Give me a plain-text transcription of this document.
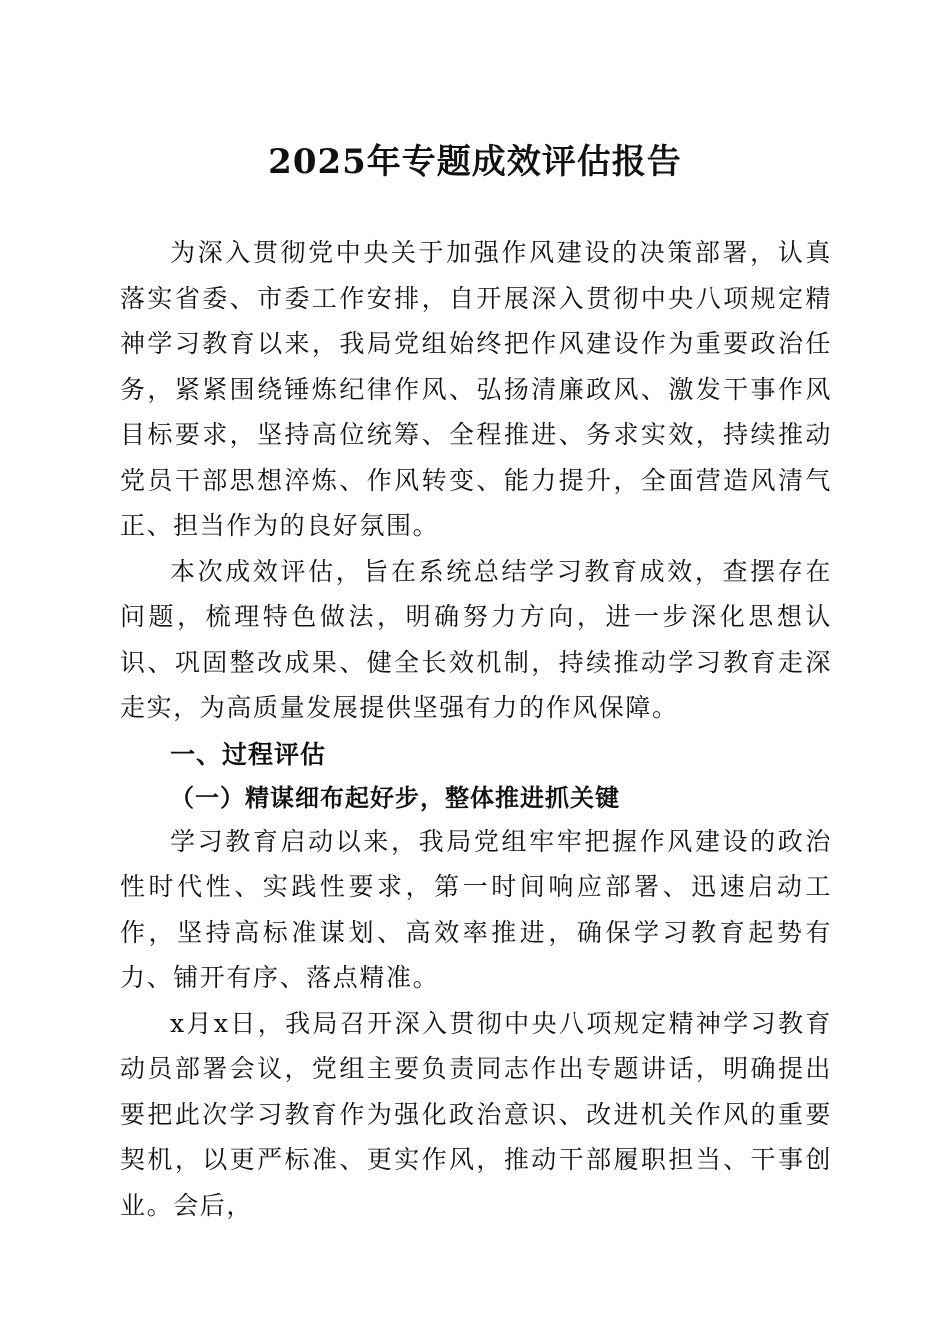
2025年专题成效评估报告

为深入贯彻党中央关于加强作风建设的决策部署，认真落实省委、市委工作安排，自开展深入贯彻中央八项规定精神学习教育以来，我局党组始终把作风建设作为重要政治任务，紧紧围绕锤炼纪律作风、弘扬清廉政风、激发干事作风目标要求，坚持高位统筹、全程推进、务求实效，持续推动党员干部思想淬炼、作风转变、能力提升，全面营造风清气正、担当作为的良好氛围。

本次成效评估，旨在系统总结学习教育成效，查摆存在问题，梳理特色做法，明确努力方向，进一步深化思想认识、巩固整改成果、健全长效机制，持续推动学习教育走深走实，为高质量发展提供坚强有力的作风保障。

一、过程评估

（一）精谋细布起好步，整体推进抓关键

学习教育启动以来，我局党组牢牢把握作风建设的政治性时代性、实践性要求，第一时间响应部署、迅速启动工作，坚持高标准谋划、高效率推进，确保学习教育起势有力、铺开有序、落点精准。

x月x日，我局召开深入贯彻中央八项规定精神学习教育动员部署会议，党组主要负责同志作出专题讲话，明确提出要把此次学习教育作为强化政治意识、改进机关作风的重要契机，以更严标准、更实作风，推动干部履职担当、干事创业。会后，
